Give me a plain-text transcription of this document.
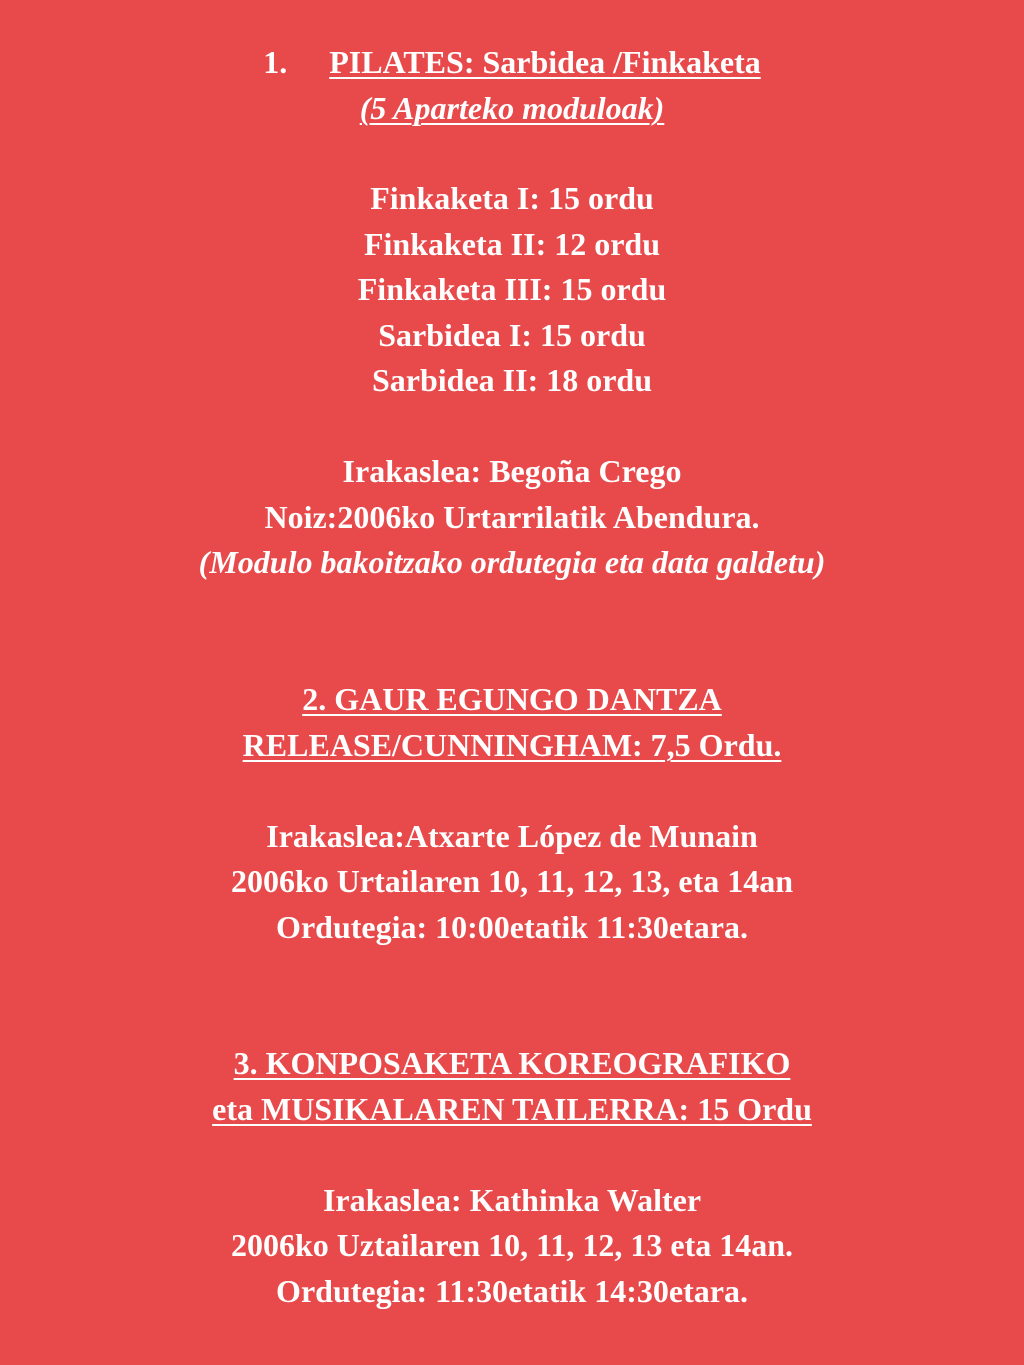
1. PILATES: Sarbidea /Finkaketa
(5 Aparteko moduloak)
Finkaketa I: 15 ordu
Finkaketa II: 12 ordu
Finkaketa III: 15 ordu
Sarbidea I: 15 ordu
Sarbidea II: 18 ordu
Irakaslea: Begoña Crego
Noiz:2006ko Urtarrilatik Abendura.
(Modulo bakoitzako ordutegia eta data galdetu)
2. GAUR EGUNGO DANTZA
RELEASE/CUNNINGHAM: 7,5 Ordu.
Irakaslea:Atxarte López de Munain
2006ko Urtailaren 10, 11, 12, 13, eta 14an
Ordutegia: 10:00etatik 11:30etara.
3. KONPOSAKETA KOREOGRAFIKO
eta MUSIKALAREN TAILERRA: 15 Ordu
Irakaslea: Kathinka Walter
2006ko Uztailaren 10, 11, 12, 13 eta 14an.
Ordutegia: 11:30etatik 14:30etara.
